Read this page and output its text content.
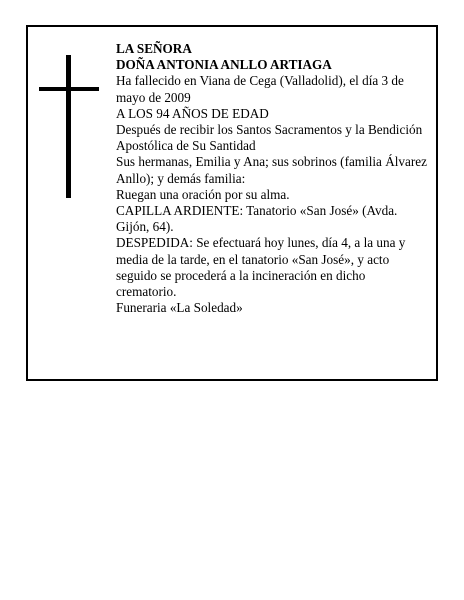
LA SEÑORA

DOÑA ANTONIA ANLLO ARTIAGA

Ha fallecido en Viana de Cega (Valladolid), el día 3 de mayo de 2009

A LOS 94 AÑOS DE EDAD

Después de recibir los Santos Sacramentos y la Bendición Apostólica de Su Santidad

Sus hermanas, Emilia y Ana; sus sobrinos (familia Álvarez Anllo); y demás familia:

Ruegan una oración por su alma.

CAPILLA ARDIENTE: Tanatorio «San José» (Avda. Gijón, 64).

DESPEDIDA: Se efectuará hoy lunes, día 4, a la una y media de la tarde, en el tanatorio «San José», y acto seguido se procederá a la incineración en dicho crematorio.

Funeraria «La Soledad»
